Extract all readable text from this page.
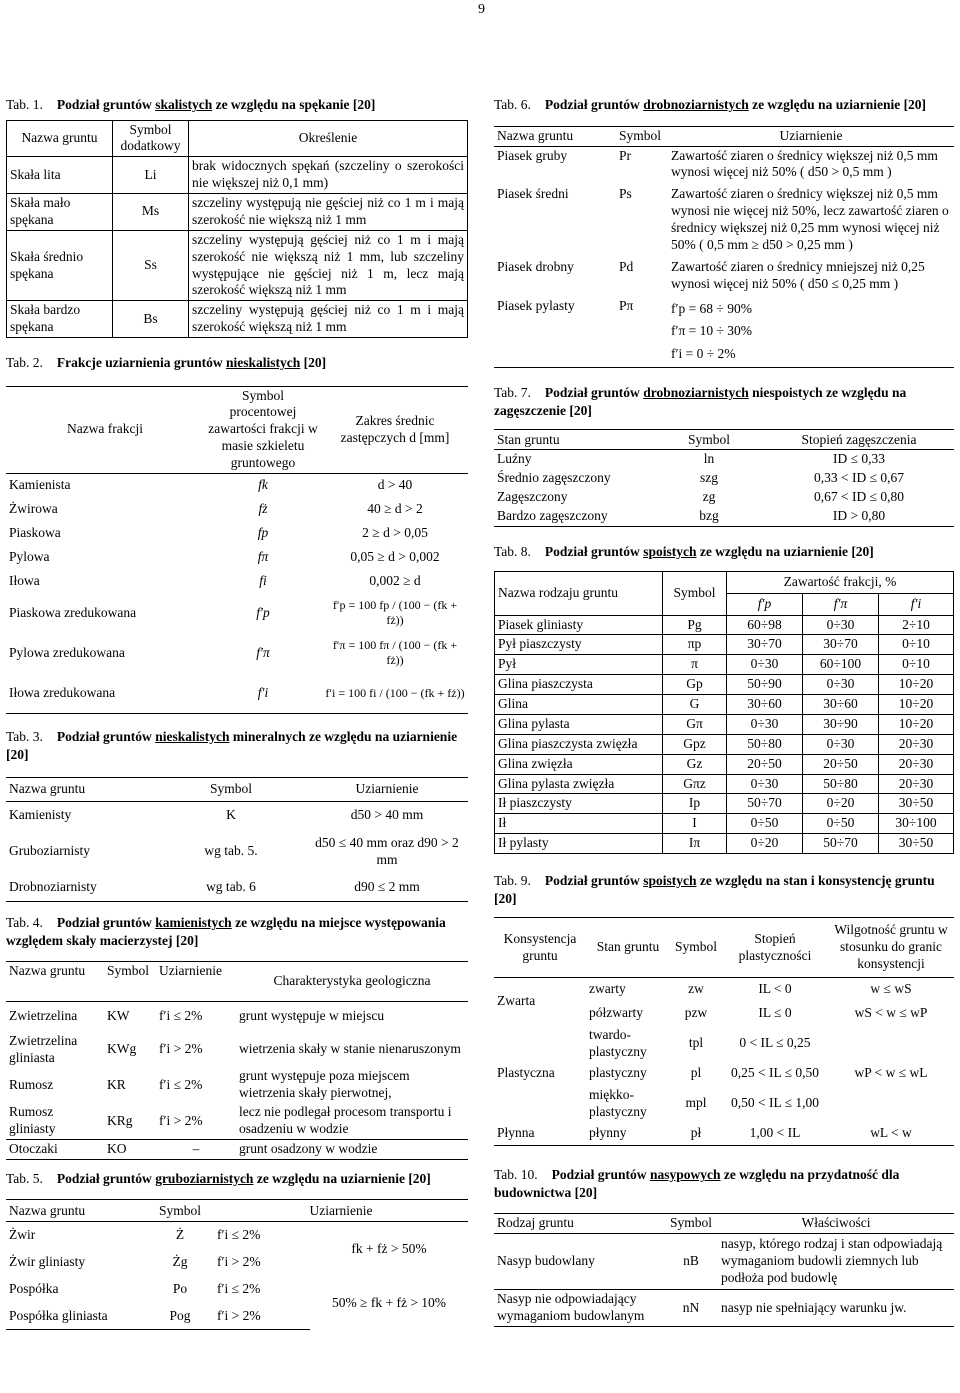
9
Tab. 1. Podział gruntów skalistych ze względu na spękanie [20]
Nazwa gruntu	Symbol dodatkowy	Określenie
Skała lita	Li	brak widocznych spękań (szczeliny o szerokości nie większej niż 0,1 mm)
Skała mało spękana	Ms	szczeliny występują nie gęściej niż co 1 m i mają szerokość nie większą niż 1 mm
Skała średnio spękana	Ss	szczeliny występują gęściej niż co 1 m i mają szerokość nie większą niż 1 mm, lub szczeliny występujące nie gęściej niż 1 m, lecz mają szerokość większą niż 1 mm
Skała bardzo spękana	Bs	szczeliny występują gęściej niż co 1 m i mają szerokość większą niż 1 mm
Tab. 2. Frakcje uziarnienia gruntów nieskalistych [20]
Nazwa frakcji	Symbol procentowej zawartości frakcji w masie szkieletu gruntowego	Zakres średnic zastępczych d [mm]
Kamienista	fk	d > 40
Żwirowa	fż	40 ≥ d > 2
Piaskowa	fp	2 ≥ d > 0,05
Pylowa	fπ	0,05 ≥ d > 0,002
Iłowa	fi	0,002 ≥ d
Piaskowa zredukowana	f′p	f′p = 100 fp / (100 − (fk + fż))
Pylowa zredukowana	f′π	f′π = 100 fπ / (100 − (fk + fż))
Iłowa zredukowana	f′i	f′i = 100 fi / (100 − (fk + fż))
Tab. 3. Podział gruntów nieskalistych mineralnych ze względu na uziarnienie [20]
Nazwa gruntu	Symbol	Uziarnienie
Kamienisty	K	d50 > 40 mm
Gruboziarnisty	wg tab. 5.	d50 ≤ 40 mm oraz d90 > 2 mm
Drobnoziarnisty	wg tab. 6	d90 ≤ 2 mm
Tab. 4. Podział gruntów kamienistych ze względu na miejsce występowania względem skały macierzystej [20]
Nazwa gruntu	Symbol	Uziarnienie	Charakterystyka geologiczna
Zwietrzelina	KW	f′i ≤ 2%	grunt występuje w miejscu
Zwietrzelina gliniasta	KWg	f′i > 2%	wietrzenia skały w stanie nienaruszonym
Rumosz	KR	f′i ≤ 2%	grunt występuje poza miejscem wietrzenia skały pierwotnej,
Rumosz gliniasty	KRg	f′i > 2%	lecz nie podlegał procesom transportu i osadzeniu w wodzie
Otoczaki	KO	–	grunt osadzony w wodzie
Tab. 5. Podział gruntów gruboziarnistych ze względu na uziarnienie [20]
Nazwa gruntu	Symbol	Uziarnienie	
Żwir	Ż	f′i ≤ 2%	fk + fż > 50%
Żwir gliniasty	Żg	f′i > 2%	
Pospółka	Po	f′i ≤ 2%	50% ≥ fk + fż > 10%
Pospółka gliniasta	Pog	f′i > 2%	
Tab. 6. Podział gruntów drobnoziarnistych ze względu na uziarnienie [20]
Nazwa gruntu	Symbol	Uziarnienie
Piasek gruby	Pr	Zawartość ziaren o średnicy większej niż 0,5 mm wynosi więcej niż 50% ( d50 > 0,5 mm )
Piasek średni	Ps	Zawartość ziaren o średnicy większej niż 0,5 mm wynosi nie więcej niż 50%, lecz zawartość ziaren o średnicy większej niż 0,25 mm wynosi więcej niż 50% ( 0,5 mm ≥ d50 > 0,25 mm )
Piasek drobny	Pd	Zawartość ziaren o średnicy mniejszej niż 0,25 wynosi więcej niż 50% ( d50 ≤ 0,25 mm )
Piasek pylasty	Pπ	f′p = 68 ÷ 90%
f′π = 10 ÷ 30%
f′i = 0 ÷ 2%
Tab. 7. Podział gruntów drobnoziarnistych niespoistych ze względu na zagęszczenie [20]
Stan gruntu	Symbol	Stopień zagęszczenia
Luźny	ln	ID ≤ 0,33
Średnio zagęszczony	szg	0,33 < ID ≤ 0,67
Zagęszczony	zg	0,67 < ID ≤ 0,80
Bardzo zagęszczony	bzg	ID > 0,80
Tab. 8. Podział gruntów spoistych ze względu na uziarnienie [20]
Nazwa rodzaju gruntu	Symbol	Zawartość frakcji, %		
		f′p	f′π	f′i
Piasek gliniasty	Pg	60÷98	0÷30	2÷10
Pył piaszczysty	πp	30÷70	30÷70	0÷10
Pył	π	0÷30	60÷100	0÷10
Glina piaszczysta	Gp	50÷90	0÷30	10÷20
Glina	G	30÷60	30÷60	10÷20
Glina pylasta	Gπ	0÷30	30÷90	10÷20
Glina piaszczysta zwięzła	Gpz	50÷80	0÷30	20÷30
Glina zwięzła	Gz	20÷50	20÷50	20÷30
Glina pylasta zwięzła	Gπz	0÷30	50÷80	20÷30
Ił piaszczysty	Ip	50÷70	0÷20	30÷50
Ił	I	0÷50	0÷50	30÷100
Ił pylasty	Iπ	0÷20	50÷70	30÷50
Tab. 9. Podział gruntów spoistych ze względu na stan i konsystencję gruntu [20]
Konsystencja gruntu	Stan gruntu	Symbol	Stopień plastyczności	Wilgotność gruntu w stosunku do granic konsystencji
Zwarta	zwarty	zw	IL < 0	w ≤ wS
	półzwarty	pzw	IL ≤ 0	wS < w ≤ wP
Plastyczna	twardo-plastyczny	tpl	0 < IL ≤ 0,25	wP < w ≤ wL
	plastyczny	pl	0,25 < IL ≤ 0,50	
	miękko-plastyczny	mpl	0,50 < IL ≤ 1,00	
Płynna	płynny	pł	1,00 < IL	wL < w
Tab. 10. Podział gruntów nasypowych ze względu na przydatność dla budownictwa [20]
Rodzaj gruntu	Symbol	Właściwości
Nasyp budowlany	nB	nasyp, którego rodzaj i stan odpowiadają wymaganiom budowli ziemnych lub podłoża pod budowlę
Nasyp nie odpowiadający wymaganiom budowlanym	nN	nasyp nie spełniający warunku jw.
